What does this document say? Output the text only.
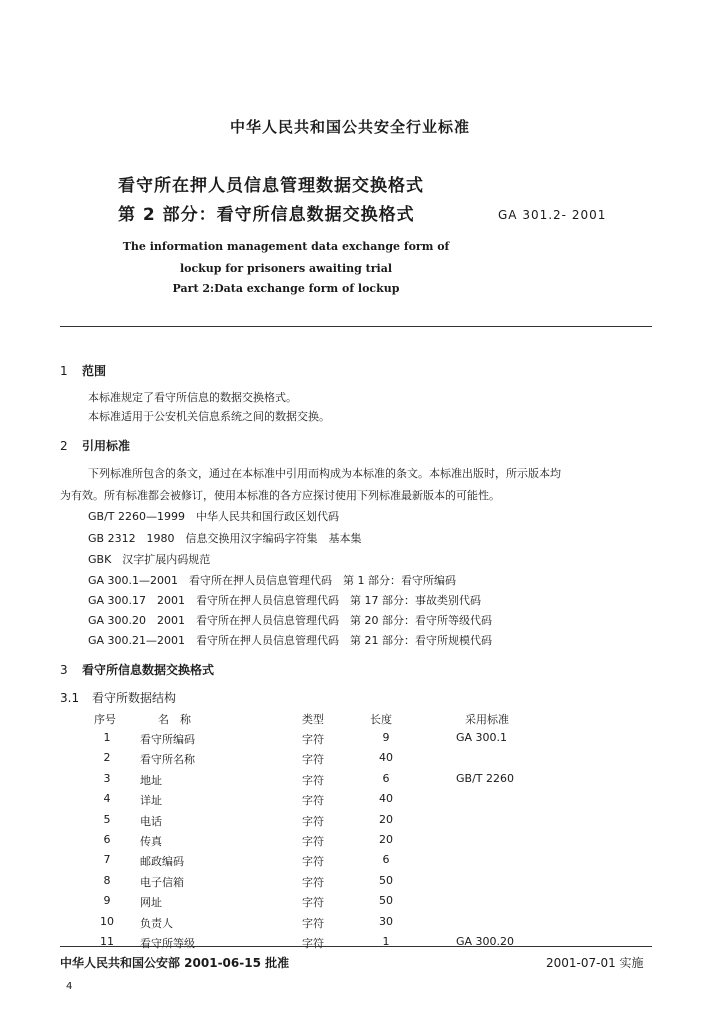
中华人民共和国公共安全行业标准
看守所在押人员信息管理数据交换格式
第 2 部分：看守所信息数据交换格式	GA 301.2- 2001
The information management data exchange form of
lockup for prisoners awaiting trial
Part 2:Data exchange form of lockup
1 范围
本标准规定了看守所信息的数据交换格式。
本标准适用于公安机关信息系统之间的数据交换。
2 引用标准
下列标准所包含的条文，通过在本标准中引用而构成为本标准的条文。本标准出版时，所示版本均
为有效。所有标准都会被修订，使用本标准的各方应探讨使用下列标准最新版本的可能性。
GB/T 2260—1999　中华人民共和国行政区划代码
GB 2312　1980　信息交换用汉字编码字符集　基本集
GBK　汉字扩展内码规范
GA 300.1—2001　看守所在押人员信息管理代码　第 1 部分：看守所编码
GA 300.17　2001　看守所在押人员信息管理代码　第 17 部分：事故类别代码
GA 300.20　2001　看守所在押人员信息管理代码　第 20 部分：看守所等级代码
GA 300.21—2001　看守所在押人员信息管理代码　第 21 部分：看守所规模代码
3 看守所信息数据交换格式
3.1 看守所数据结构
序号	名　称	类型	长度	采用标准
1	看守所编码	字符	9	GA 300.1
2	看守所名称	字符	40
3	地址	字符	6	GB/T 2260
4	详址	字符	40
5	电话	字符	20
6	传真	字符	20
7	邮政编码	字符	6
8	电子信箱	字符	50
9	网址	字符	50
10 负责人	字符	30
11 看守所等级	字符	1	GA 300.20
中华人民共和国公安部 2001-06-15 批准	2001-07-01 实施
4
